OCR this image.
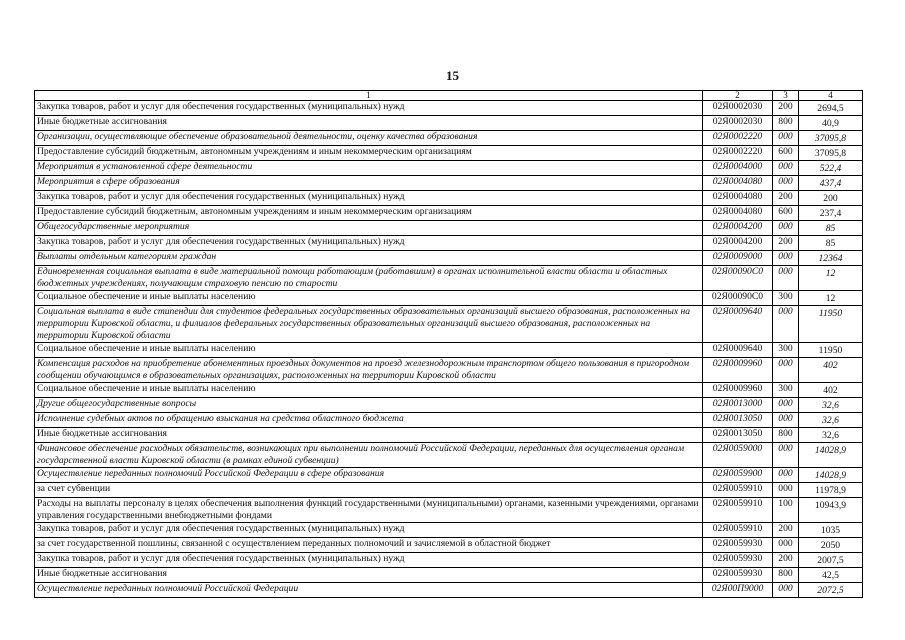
15
1	2	3	4
Закупка товаров, работ и услуг для обеспечения государственных (муниципальных) нужд	02Я0002030	200	2694,5
Иные бюджетные ассигнования	02Я0002030	800	40,9
Организации, осуществляющие обеспечение образовательной деятельности, оценку качества образования	02Я0002220	000	37095,8
Предоставление субсидий бюджетным, автономным учреждениям и иным некоммерческим организациям	02Я0002220	600	37095,8
Мероприятия в установленной сфере деятельности	02Я0004000	000	522,4
Мероприятия в сфере образования	02Я0004080	000	437,4
Закупка товаров, работ и услуг для обеспечения государственных (муниципальных) нужд	02Я0004080	200	200
Предоставление субсидий бюджетным, автономным учреждениям и иным некоммерческим организациям	02Я0004080	600	237,4
Общегосударственные мероприятия	02Я0004200	000	85
Закупка товаров, работ и услуг для обеспечения государственных (муниципальных) нужд	02Я0004200	200	85
Выплаты отдельным категориям граждан	02Я0009000	000	12364
Единовременная социальная выплата в виде материальной помощи работающим (работавшим) в органах исполнительной власти области и областных бюджетных учреждениях, получающим страховую пенсию по старости	02Я00090С0	000	12
Социальное обеспечение и иные выплаты населению	02Я00090С0	300	12
Социальная выплата в виде стипендии для студентов федеральных государственных образовательных организаций высшего образования, расположенных на территории Кировской области, и филиалов федеральных государственных образовательных организаций высшего образования, расположенных на территории Кировской области	02Я0009640	000	11950
Социальное обеспечение и иные выплаты населению	02Я0009640	300	11950
Компенсация расходов на приобретение абонементных проездных документов на проезд железнодорожным транспортом общего пользования в пригородном сообщении обучающимся в образовательных организациях, расположенных на территории Кировской области	02Я0009960	000	402
Социальное обеспечение и иные выплаты населению	02Я0009960	300	402
Другие общегосударственные вопросы	02Я0013000	000	32,6
Исполнение судебных актов по обращению взыскания на средства областного бюджета	02Я0013050	000	32,6
Иные бюджетные ассигнования	02Я0013050	800	32,6
Финансовое обеспечение расходных обязательств, возникающих при выполнении полномочий Российской Федерации, переданных для осуществления органам государственной власти Кировской области (в рамках единой субвенции)	02Я0059000	000	14028,9
Осуществление переданных полномочий Российской Федерации в сфере образования	02Я0059900	000	14028,9
за счет субвенции	02Я0059910	000	11978,9
Расходы на выплаты персоналу в целях обеспечения выполнения функций государственными (муниципальными) органами, казенными учреждениями, органами управления государственными внебюджетными фондами	02Я0059910	100	10943,9
Закупка товаров, работ и услуг для обеспечения государственных (муниципальных) нужд	02Я0059910	200	1035
за счет государственной пошлины, связанной с осуществлением переданных полномочий и зачисляемой в областной бюджет	02Я0059930	000	2050
Закупка товаров, работ и услуг для обеспечения государственных (муниципальных) нужд	02Я0059930	200	2007,5
Иные бюджетные ассигнования	02Я0059930	800	42,5
Осуществление переданных полномочий Российской Федерации	02Я00П9000	000	2072,5
